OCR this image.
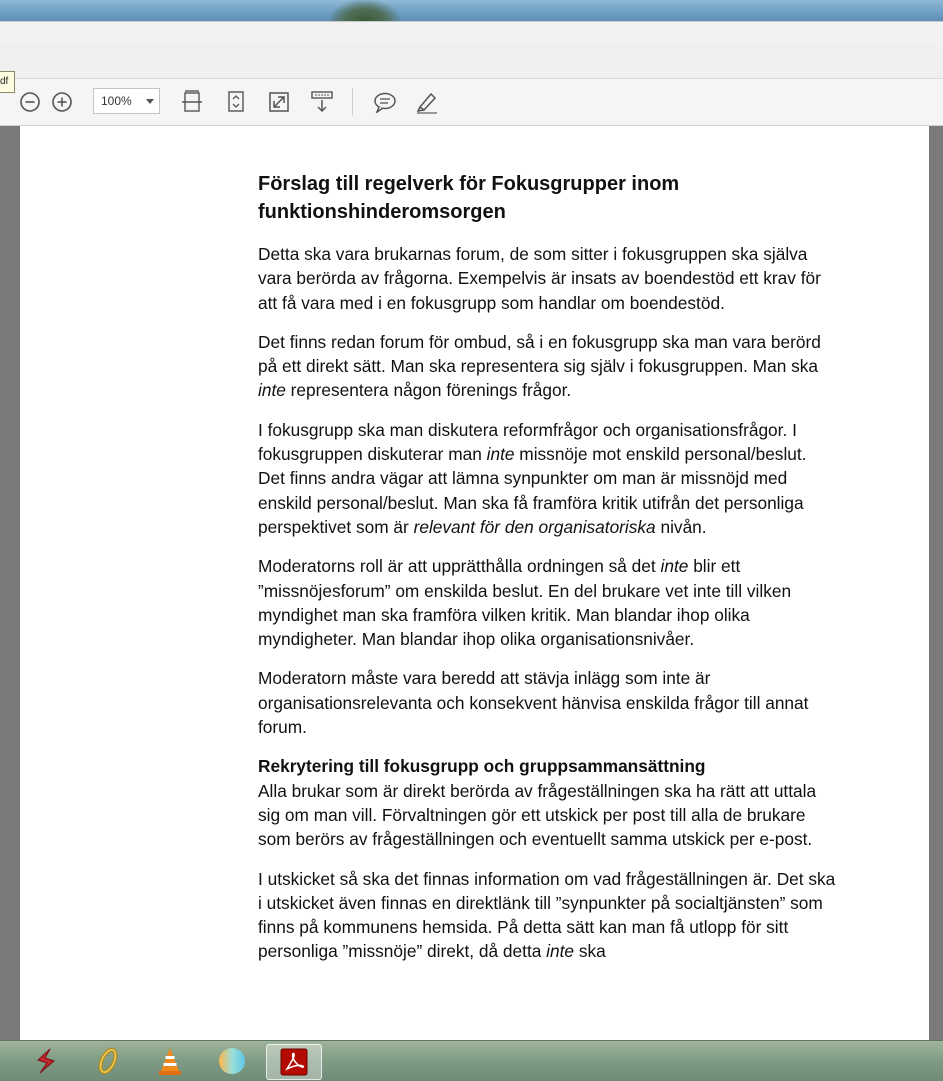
df
100%
Förslag till regelverk för Fokusgrupper inom funktionshinderomsorgen

Detta ska vara brukarnas forum, de som sitter i fokusgruppen ska själva vara berörda av frågorna. Exempelvis är insats av boendestöd ett krav för att få vara med i en fokusgrupp som handlar om boendestöd.

Det finns redan forum för ombud, så i en fokusgrupp ska man vara berörd på ett direkt sätt. Man ska representera sig själv i fokusgruppen. Man ska inte representera någon förenings frågor.

I fokusgrupp ska man diskutera reformfrågor och organisationsfrågor. I fokusgruppen diskuterar man inte missnöje mot enskild personal/beslut. Det finns andra vägar att lämna synpunkter om man är missnöjd med enskild personal/beslut. Man ska få framföra kritik utifrån det personliga perspektivet som är relevant för den organisatoriska nivån.

Moderatorns roll är att upprätthålla ordningen så det inte blir ett ”missnöjesforum” om enskilda beslut. En del brukare vet inte till vilken myndighet man ska framföra vilken kritik. Man blandar ihop olika myndigheter. Man blandar ihop olika organisationsnivåer.

Moderatorn måste vara beredd att stävja inlägg som inte är organisationsrelevanta och konsekvent hänvisa enskilda frågor till annat forum.

Rekrytering till fokusgrupp och gruppsammansättning
Alla brukar som är direkt berörda av frågeställningen ska ha rätt att uttala sig om man vill. Förvaltningen gör ett utskick per post till alla de brukare som berörs av frågeställningen och eventuellt samma utskick per e-post.

I utskicket så ska det finnas information om vad frågeställningen är. Det ska i utskicket även finnas en direktlänk till ”synpunkter på socialtjänsten” som finns på kommunens hemsida. På detta sätt kan man få utlopp för sitt personliga ”missnöje” direkt, då detta inte ska
